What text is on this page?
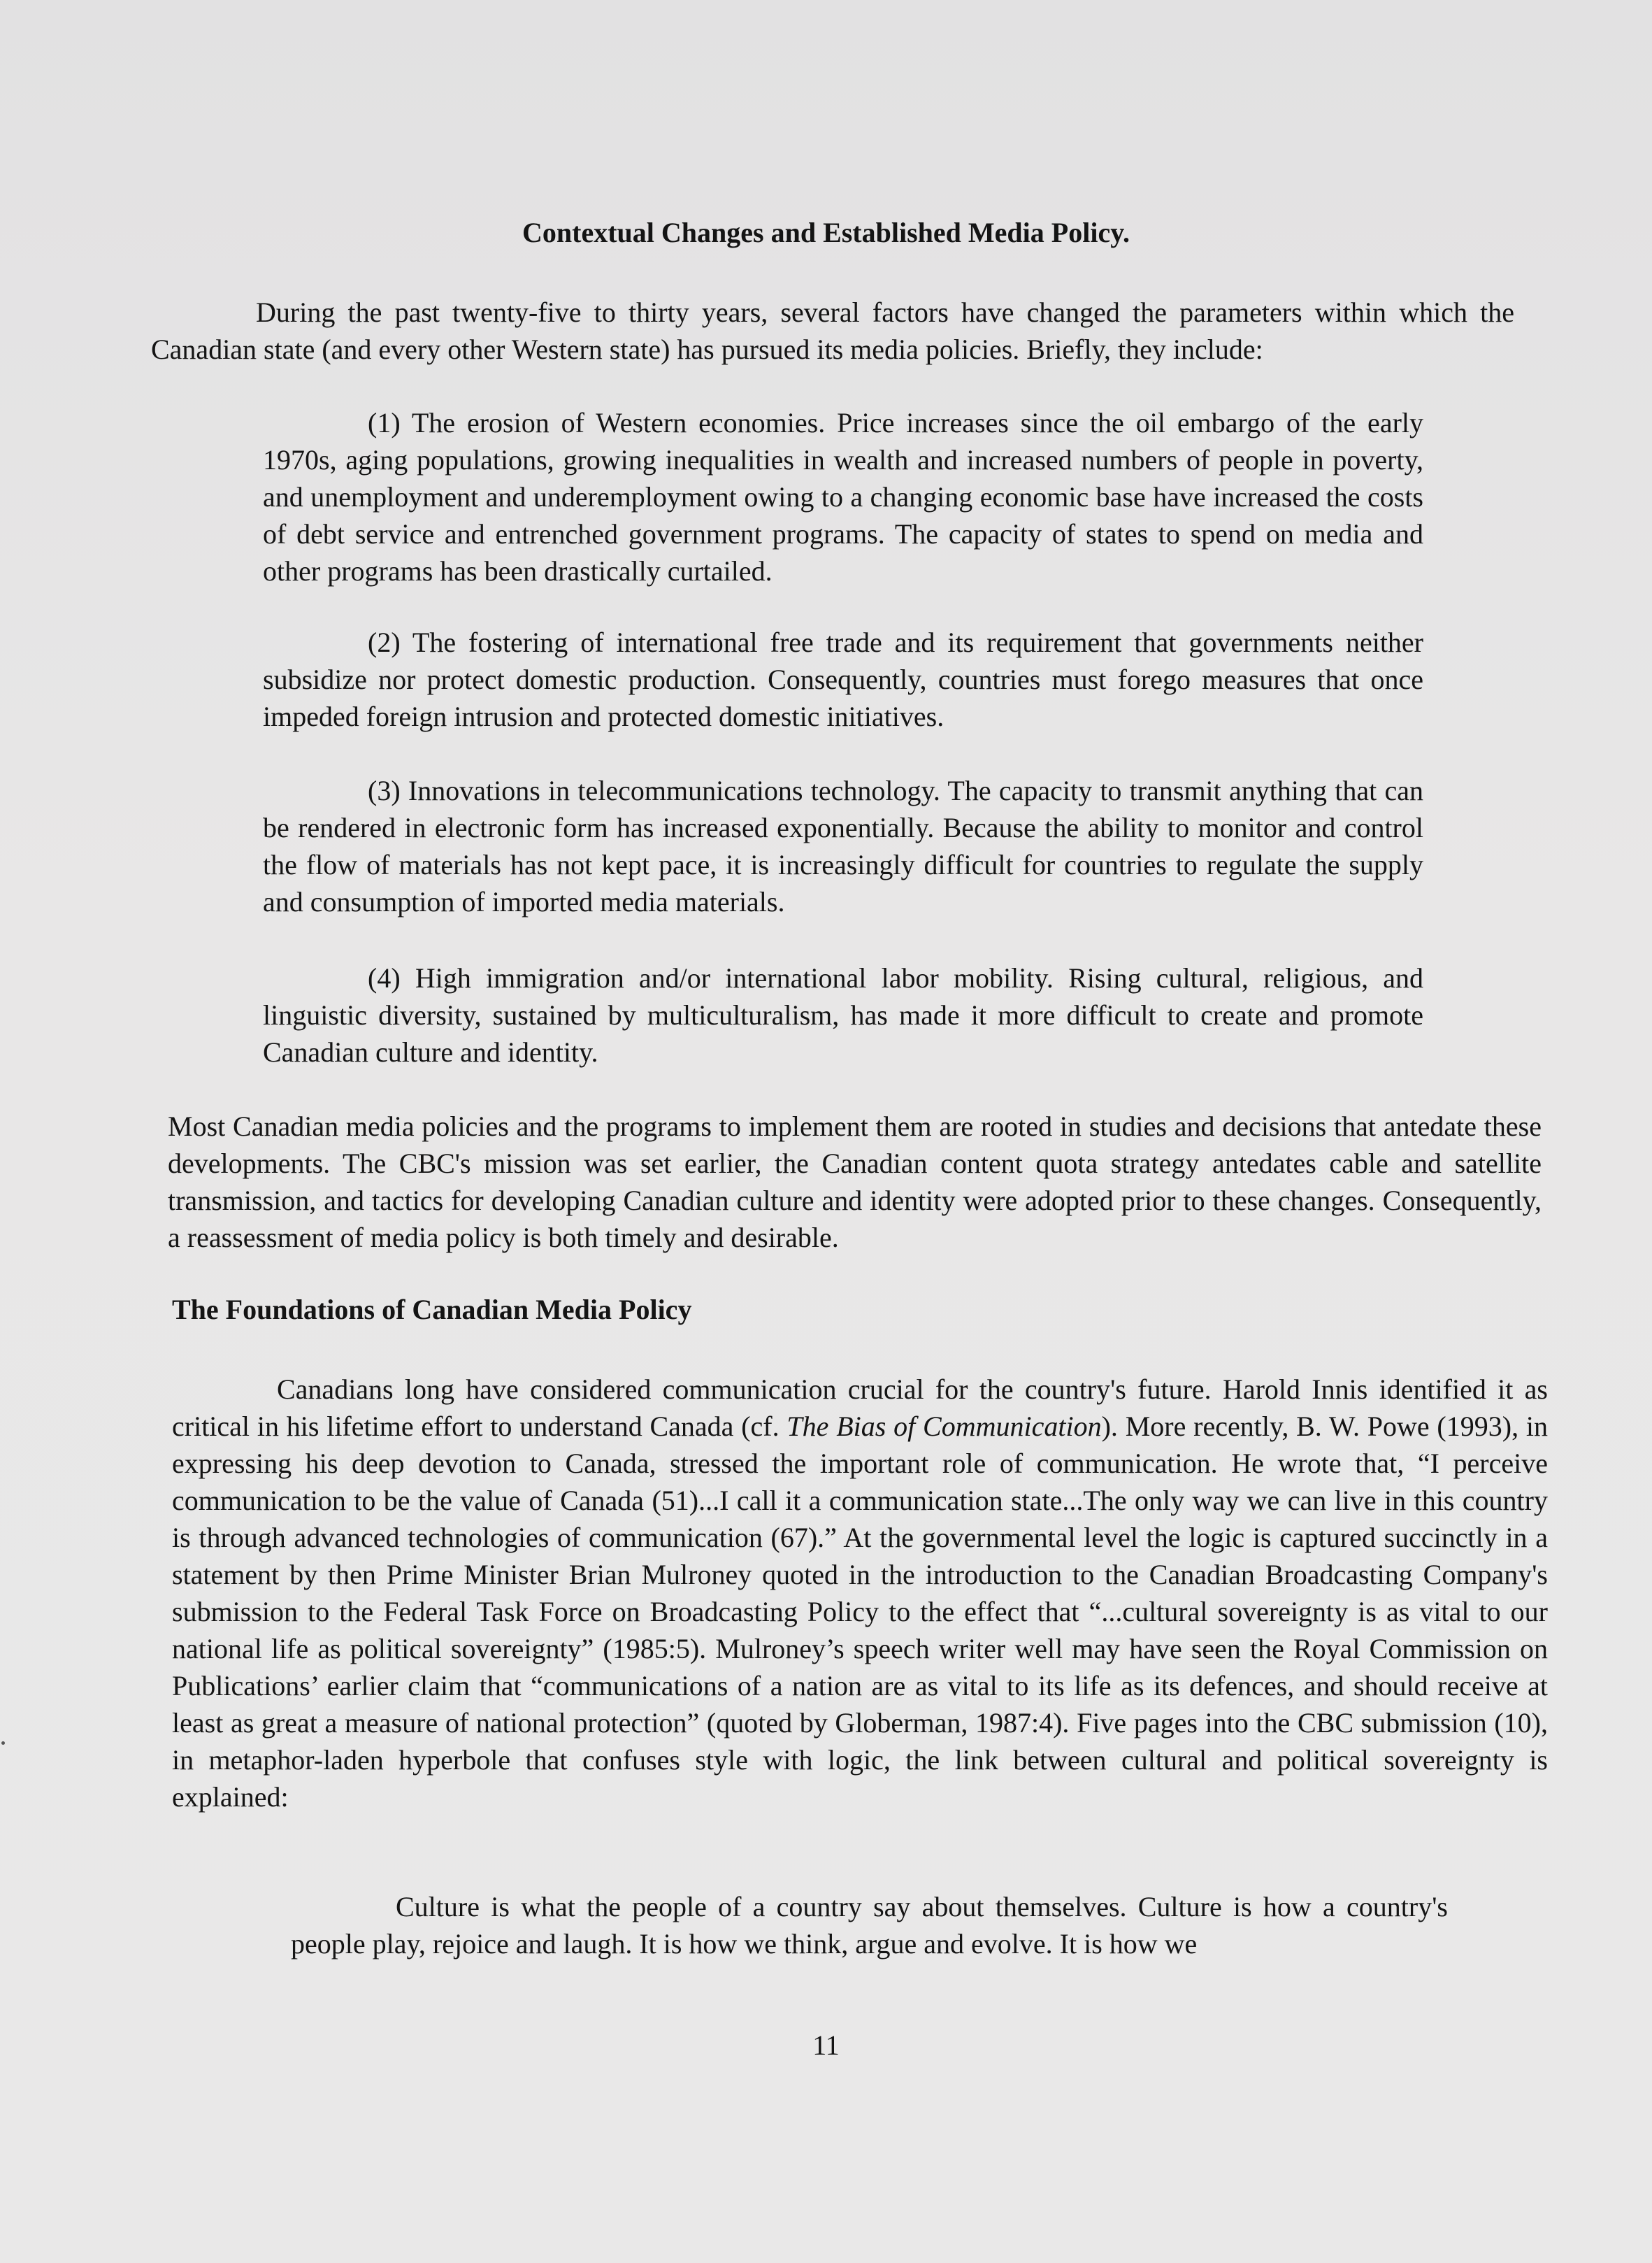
Contextual Changes and Established Media Policy.

During the past twenty-five to thirty years, several factors have changed the parameters within which the Canadian state (and every other Western state) has pursued its media policies. Briefly, they include:

(1) The erosion of Western economies. Price increases since the oil embargo of the early 1970s, aging populations, growing inequalities in wealth and increased numbers of people in poverty, and unemployment and underemployment owing to a changing economic base have increased the costs of debt service and entrenched government programs. The capacity of states to spend on media and other programs has been drastically curtailed.

(2) The fostering of international free trade and its requirement that governments neither subsidize nor protect domestic production. Consequently, countries must forego measures that once impeded foreign intrusion and protected domestic initiatives.

(3) Innovations in telecommunications technology. The capacity to transmit anything that can be rendered in electronic form has increased exponentially. Because the ability to monitor and control the flow of materials has not kept pace, it is increasingly difficult for countries to regulate the supply and consumption of imported media materials.

(4) High immigration and/or international labor mobility. Rising cultural, religious, and linguistic diversity, sustained by multiculturalism, has made it more difficult to create and promote Canadian culture and identity.

Most Canadian media policies and the programs to implement them are rooted in studies and decisions that antedate these developments. The CBC's mission was set earlier, the Canadian content quota strategy antedates cable and satellite transmission, and tactics for developing Canadian culture and identity were adopted prior to these changes. Consequently, a reassessment of media policy is both timely and desirable.

The Foundations of Canadian Media Policy

Canadians long have considered communication crucial for the country's future. Harold Innis identified it as critical in his lifetime effort to understand Canada (cf. The Bias of Communication). More recently, B. W. Powe (1993), in expressing his deep devotion to Canada, stressed the important role of communication. He wrote that, “I perceive communication to be the value of Canada (51)...I call it a communication state...The only way we can live in this country is through advanced technologies of communication (67).” At the governmental level the logic is captured succinctly in a statement by then Prime Minister Brian Mulroney quoted in the introduction to the Canadian Broadcasting Company's submission to the Federal Task Force on Broadcasting Policy to the effect that “...cultural sovereignty is as vital to our national life as political sovereignty” (1985:5). Mulroney’s speech writer well may have seen the Royal Commission on Publications’ earlier claim that “communications of a nation are as vital to its life as its defences, and should receive at least as great a measure of national protection” (quoted by Globerman, 1987:4). Five pages into the CBC submission (10), in metaphor-laden hyperbole that confuses style with logic, the link between cultural and political sovereignty is explained:

Culture is what the people of a country say about themselves. Culture is how a country's people play, rejoice and laugh. It is how we think, argue and evolve. It is how we

11
